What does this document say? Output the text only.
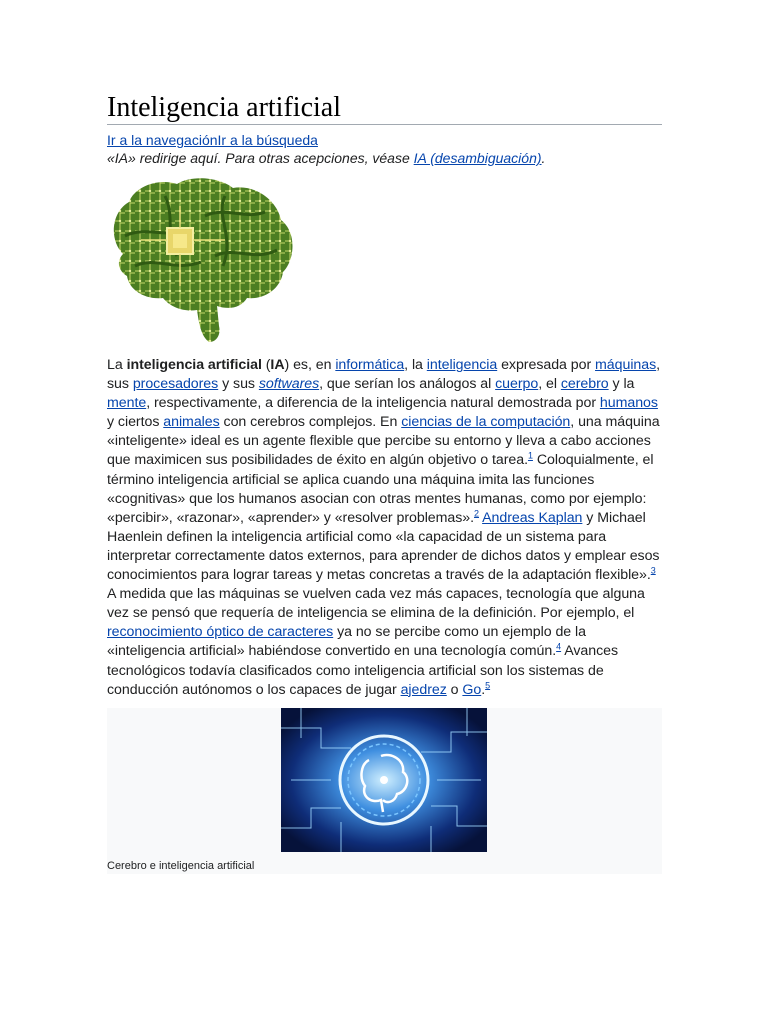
Inteligencia artificial

Ir a la navegaciónIr a la búsqueda

«IA» redirige aquí. Para otras acepciones, véase IA (desambiguación).

La inteligencia artificial (IA) es, en informática, la inteligencia expresada por máquinas, sus procesadores y sus softwares, que serían los análogos al cuerpo, el cerebro y la mente, respectivamente, a diferencia de la inteligencia natural demostrada por humanos y ciertos animales con cerebros complejos. En ciencias de la computación, una máquina «inteligente» ideal es un agente flexible que percibe su entorno y lleva a cabo acciones que maximicen sus posibilidades de éxito en algún objetivo o tarea.$^1$ Coloquialmente, el término inteligencia artificial se aplica cuando una máquina imita las funciones «cognitivas» que los humanos asocian con otras mentes humanas, como por ejemplo: «percibir», «razonar», «aprender» y «resolver problemas».$^2$ Andreas Kaplan y Michael Haenlein definen la inteligencia artificial como «la capacidad de un sistema para interpretar correctamente datos externos, para aprender de dichos datos y emplear esos conocimientos para lograr tareas y metas concretas a través de la adaptación flexible».$^3$ A medida que las máquinas se vuelven cada vez más capaces, tecnología que alguna vez se pensó que requería de inteligencia se elimina de la definición. Por ejemplo, el reconocimiento óptico de caracteres ya no se percibe como un ejemplo de la «inteligencia artificial» habiéndose convertido en una tecnología común.$^4$ Avances tecnológicos todavía clasificados como inteligencia artificial son los sistemas de conducción autónomos o los capaces de jugar ajedrez o Go.$^5$

Cerebro e inteligencia artificial
